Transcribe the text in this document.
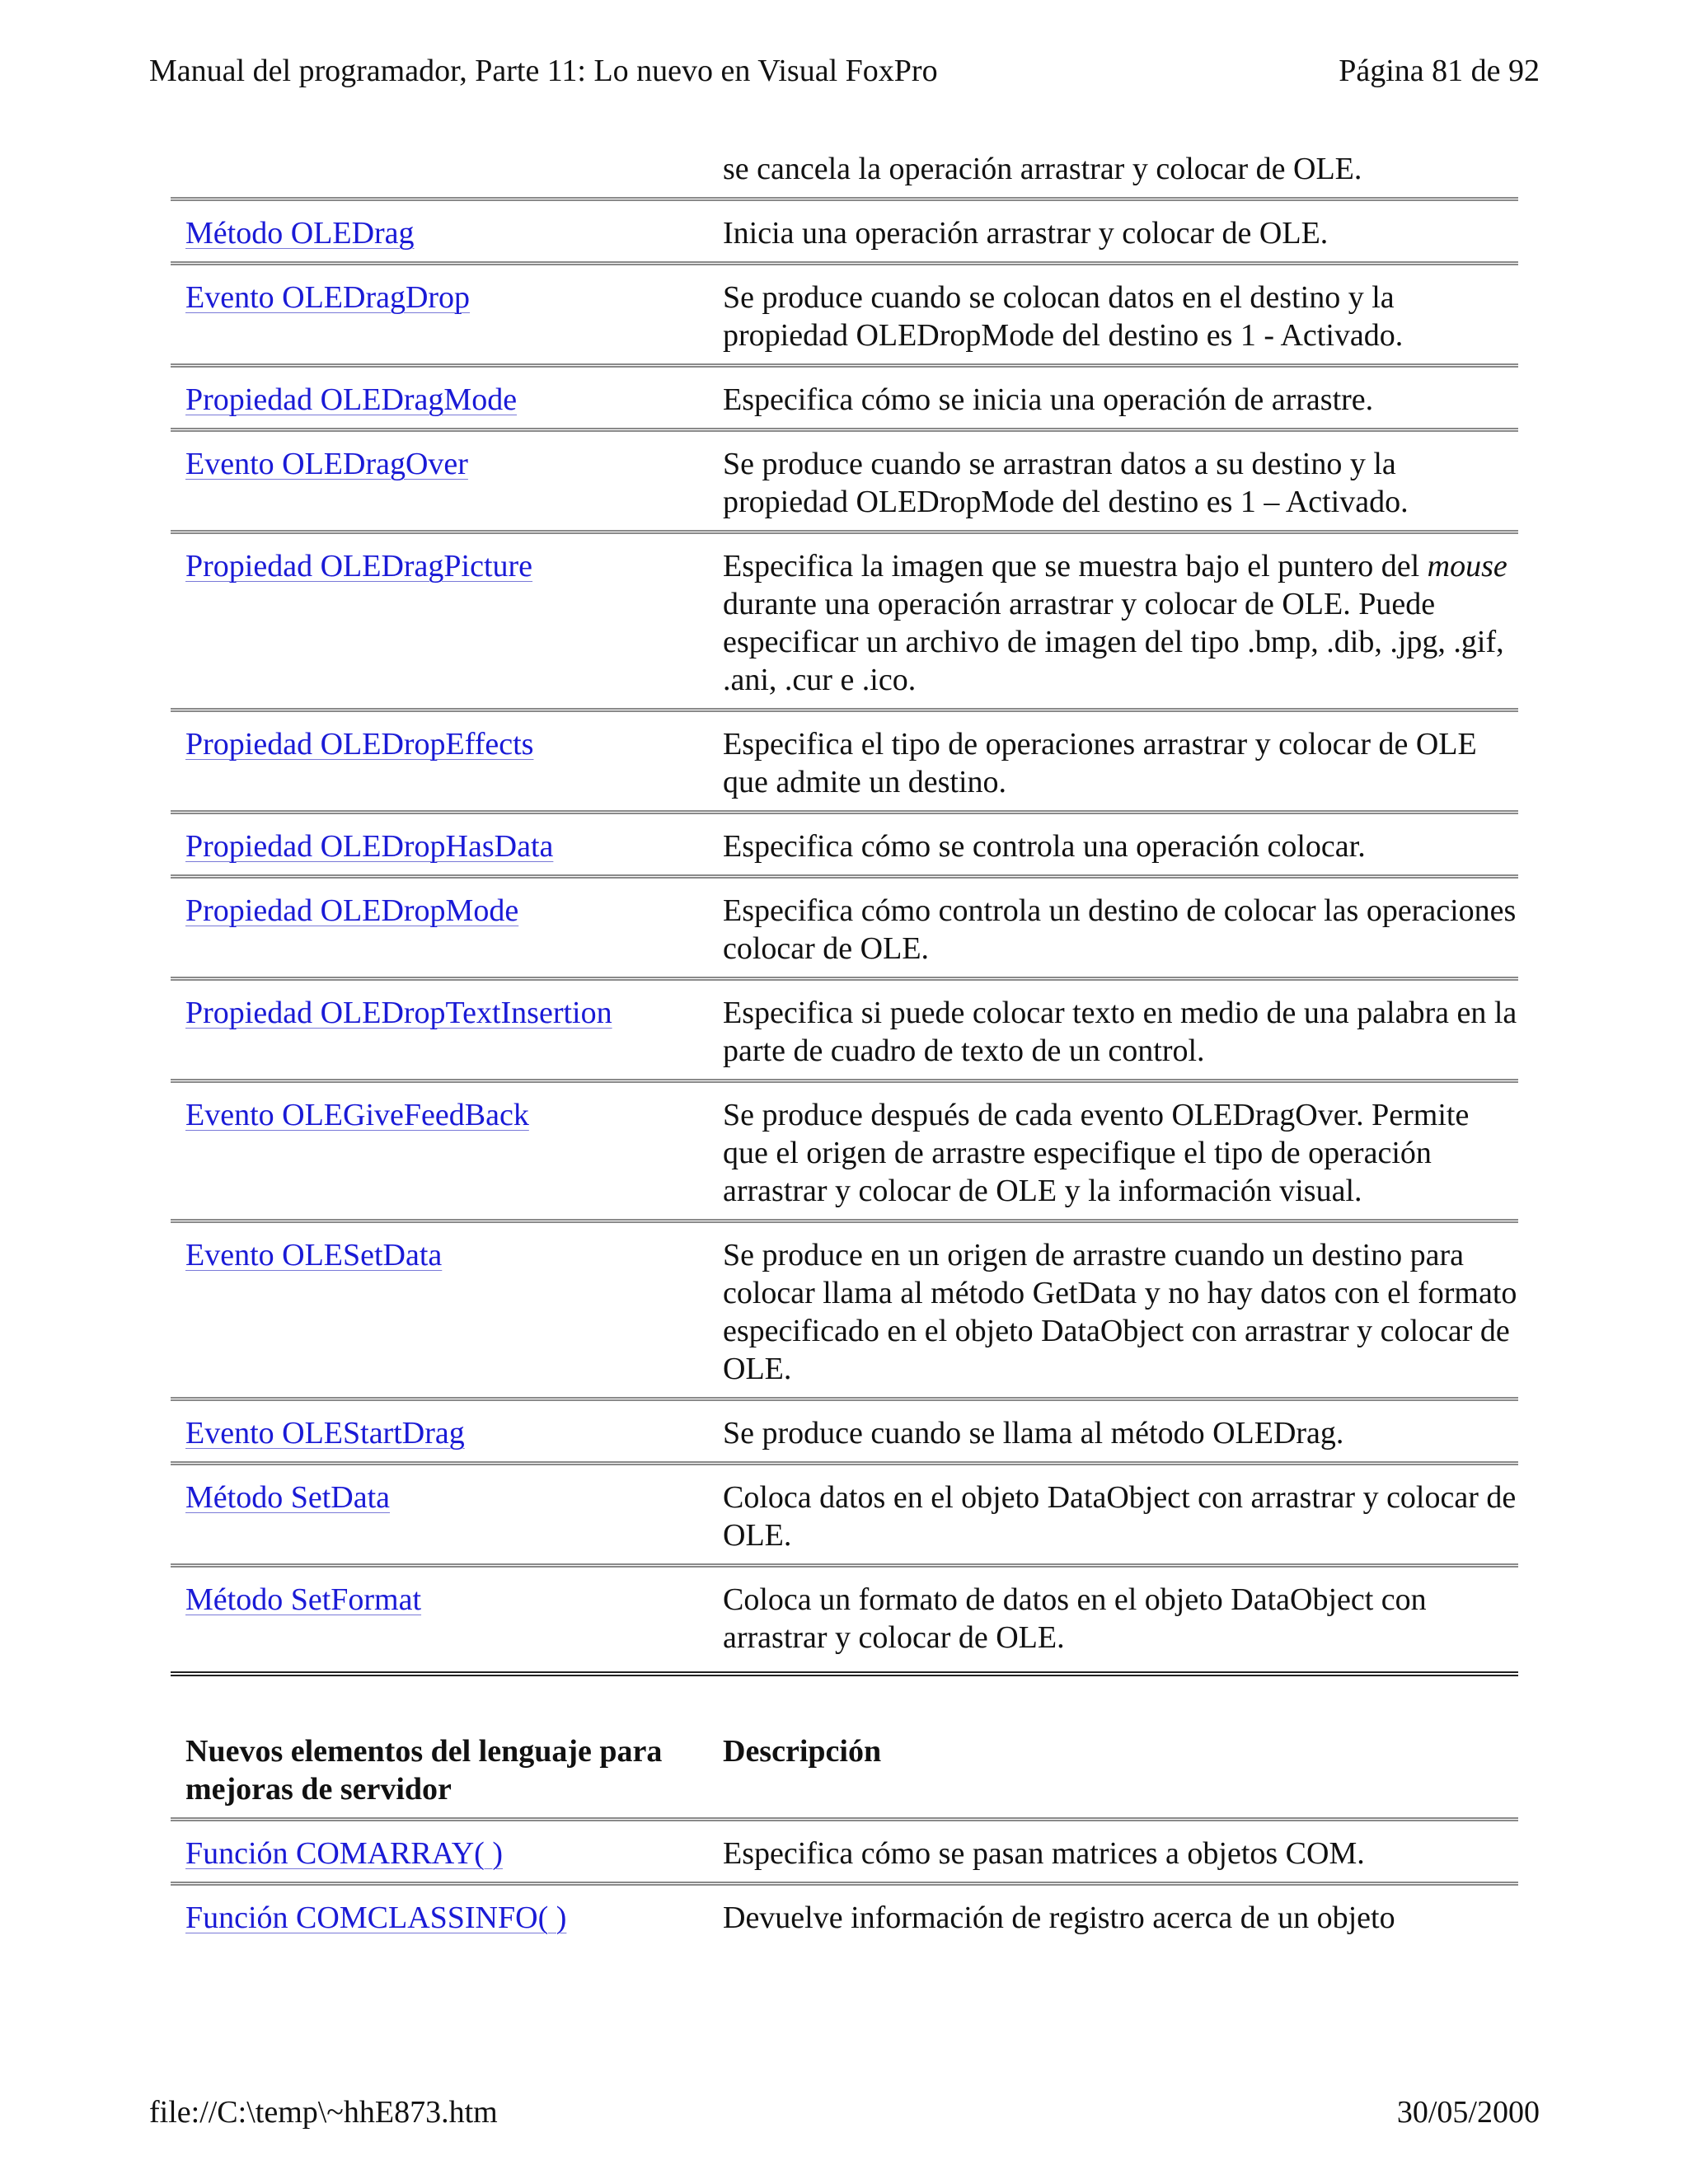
Manual del programador, Parte 11: Lo nuevo en Visual FoxPro	Página 81 de 92
	se cancela la operación arrastrar y colocar de OLE.
Método OLEDrag	Inicia una operación arrastrar y colocar de OLE.
Evento OLEDragDrop	Se produce cuando se colocan datos en el destino y la propiedad OLEDropMode del destino es 1 - Activado.
Propiedad OLEDragMode	Especifica cómo se inicia una operación de arrastre.
Evento OLEDragOver	Se produce cuando se arrastran datos a su destino y la propiedad OLEDropMode del destino es 1 – Activado.
Propiedad OLEDragPicture	Especifica la imagen que se muestra bajo el puntero del mouse durante una operación arrastrar y colocar de OLE. Puede especificar un archivo de imagen del tipo .bmp, .dib, .jpg, .gif, .ani, .cur e .ico.
Propiedad OLEDropEffects	Especifica el tipo de operaciones arrastrar y colocar de OLE que admite un destino.
Propiedad OLEDropHasData	Especifica cómo se controla una operación colocar.
Propiedad OLEDropMode	Especifica cómo controla un destino de colocar las operaciones colocar de OLE.
Propiedad OLEDropTextInsertion	Especifica si puede colocar texto en medio de una palabra en la parte de cuadro de texto de un control.
Evento OLEGiveFeedBack	Se produce después de cada evento OLEDragOver. Permite que el origen de arrastre especifique el tipo de operación arrastrar y colocar de OLE y la información visual.
Evento OLESetData	Se produce en un origen de arrastre cuando un destino para colocar llama al método GetData y no hay datos con el formato especificado en el objeto DataObject con arrastrar y colocar de OLE.
Evento OLEStartDrag	Se produce cuando se llama al método OLEDrag.
Método SetData	Coloca datos en el objeto DataObject con arrastrar y colocar de OLE.
Método SetFormat	Coloca un formato de datos en el objeto DataObject con arrastrar y colocar de OLE.
Nuevos elementos del lenguaje para mejoras de servidor	Descripción
Función COMARRAY( )	Especifica cómo se pasan matrices a objetos COM.
Función COMCLASSINFO( )	Devuelve información de registro acerca de un objeto
file://C:\temp\~hhE873.htm	30/05/2000
